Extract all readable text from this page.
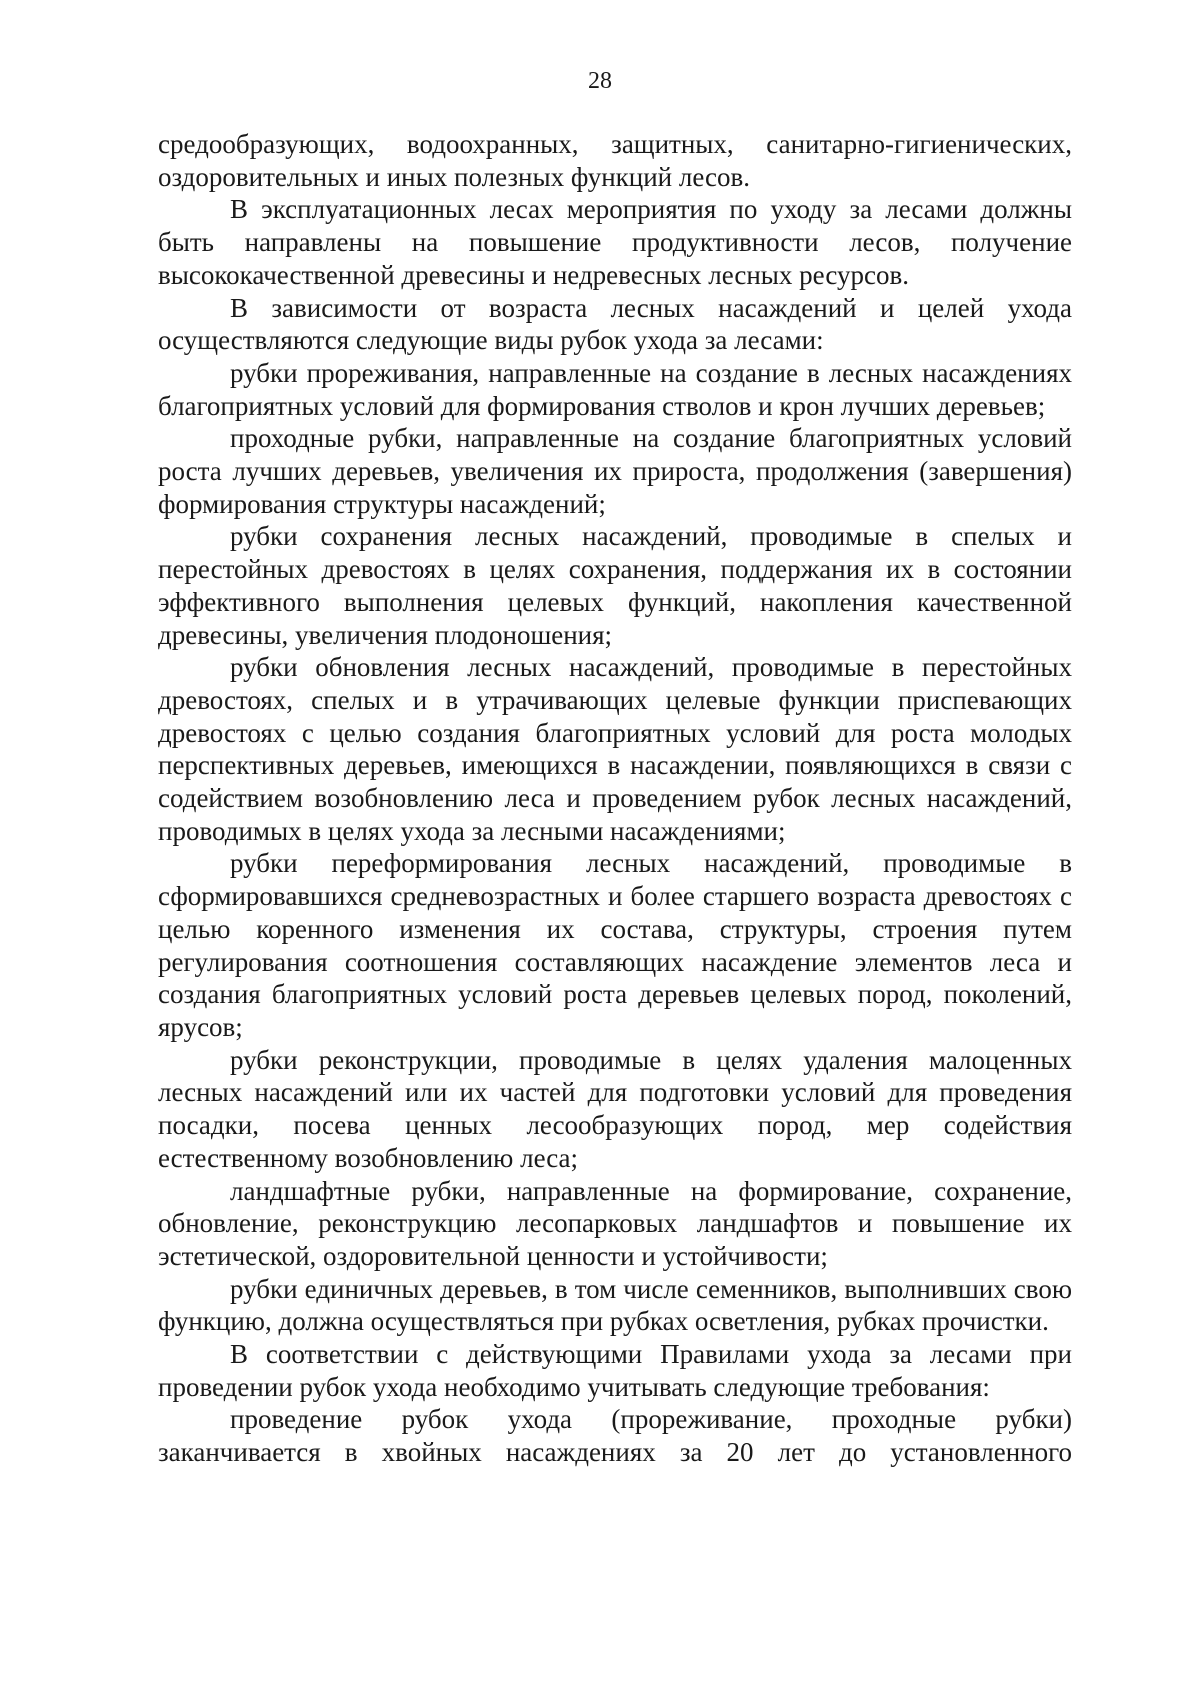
28

средообразующих, водоохранных, защитных, санитарно-гигиенических, оздоровительных и иных полезных функций лесов.

В эксплуатационных лесах мероприятия по уходу за лесами должны быть направлены на повышение продуктивности лесов, получение высококачественной древесины и недревесных лесных ресурсов.

В зависимости от возраста лесных насаждений и целей ухода осуществляются следующие виды рубок ухода за лесами:

рубки прореживания, направленные на создание в лесных насаждениях благоприятных условий для формирования стволов и крон лучших деревьев;

проходные рубки, направленные на создание благоприятных условий роста лучших деревьев, увеличения их прироста, продолжения (завершения) формирования структуры насаждений;

рубки сохранения лесных насаждений, проводимые в спелых и перестойных древостоях в целях сохранения, поддержания их в состоянии эффективного выполнения целевых функций, накопления качественной древесины, увеличения плодоношения;

рубки обновления лесных насаждений, проводимые в перестойных древостоях, спелых и в утрачивающих целевые функции приспевающих древостоях с целью создания благоприятных условий для роста молодых перспективных деревьев, имеющихся в насаждении, появляющихся в связи с содействием возобновлению леса и проведением рубок лесных насаждений, проводимых в целях ухода за лесными насаждениями;

рубки переформирования лесных насаждений, проводимые в сформировавшихся средневозрастных и более старшего возраста древостоях с целью коренного изменения их состава, структуры, строения путем регулирования соотношения составляющих насаждение элементов леса и создания благоприятных условий роста деревьев целевых пород, поколений, ярусов;

рубки реконструкции, проводимые в целях удаления малоценных лесных насаждений или их частей для подготовки условий для проведения посадки, посева ценных лесообразующих пород, мер содействия естественному возобновлению леса;

ландшафтные рубки, направленные на формирование, сохранение, обновление, реконструкцию лесопарковых ландшафтов и повышение их эстетической, оздоровительной ценности и устойчивости;

рубки единичных деревьев, в том числе семенников, выполнивших свою функцию, должна осуществляться при рубках осветления, рубках прочистки.

В соответствии с действующими Правилами ухода за лесами при проведении рубок ухода необходимо учитывать следующие требования:

проведение рубок ухода (прореживание, проходные рубки) заканчивается в хвойных насаждениях за 20 лет до установленного
